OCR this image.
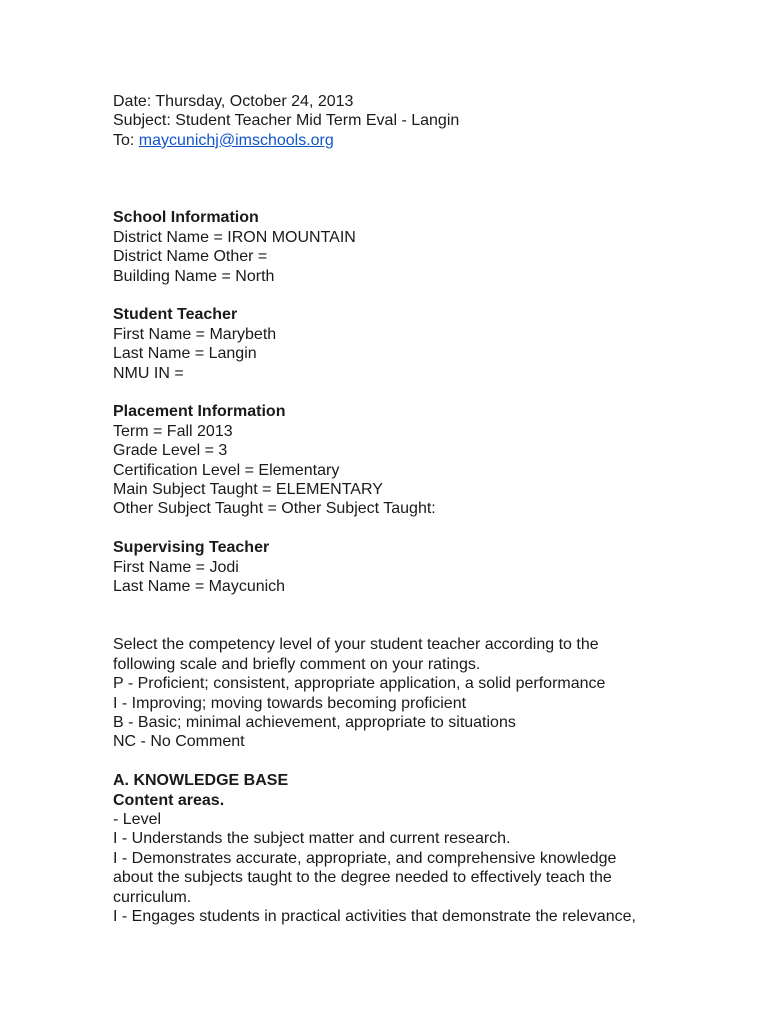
Date: Thursday, October 24, 2013
Subject: Student Teacher Mid Term Eval - Langin
To: maycunichj@imschools.org
School Information
District Name = IRON MOUNTAIN
District Name Other =
Building Name = North
Student Teacher
First Name = Marybeth
Last Name = Langin
NMU IN =
Placement Information
Term = Fall 2013
Grade Level = 3
Certification Level = Elementary
Main Subject Taught = ELEMENTARY
Other Subject Taught = Other Subject Taught:
Supervising Teacher
First Name = Jodi
Last Name = Maycunich
Select the competency level of your student teacher according to the
following scale and briefly comment on your ratings.
P - Proficient; consistent, appropriate application, a solid performance
I - Improving; moving towards becoming proficient
B - Basic; minimal achievement, appropriate to situations
NC - No Comment
A. KNOWLEDGE BASE
Content areas.
- Level
I - Understands the subject matter and current research.
I - Demonstrates accurate, appropriate, and comprehensive knowledge
about the subjects taught to the degree needed to effectively teach the
curriculum.
I - Engages students in practical activities that demonstrate the relevance,
